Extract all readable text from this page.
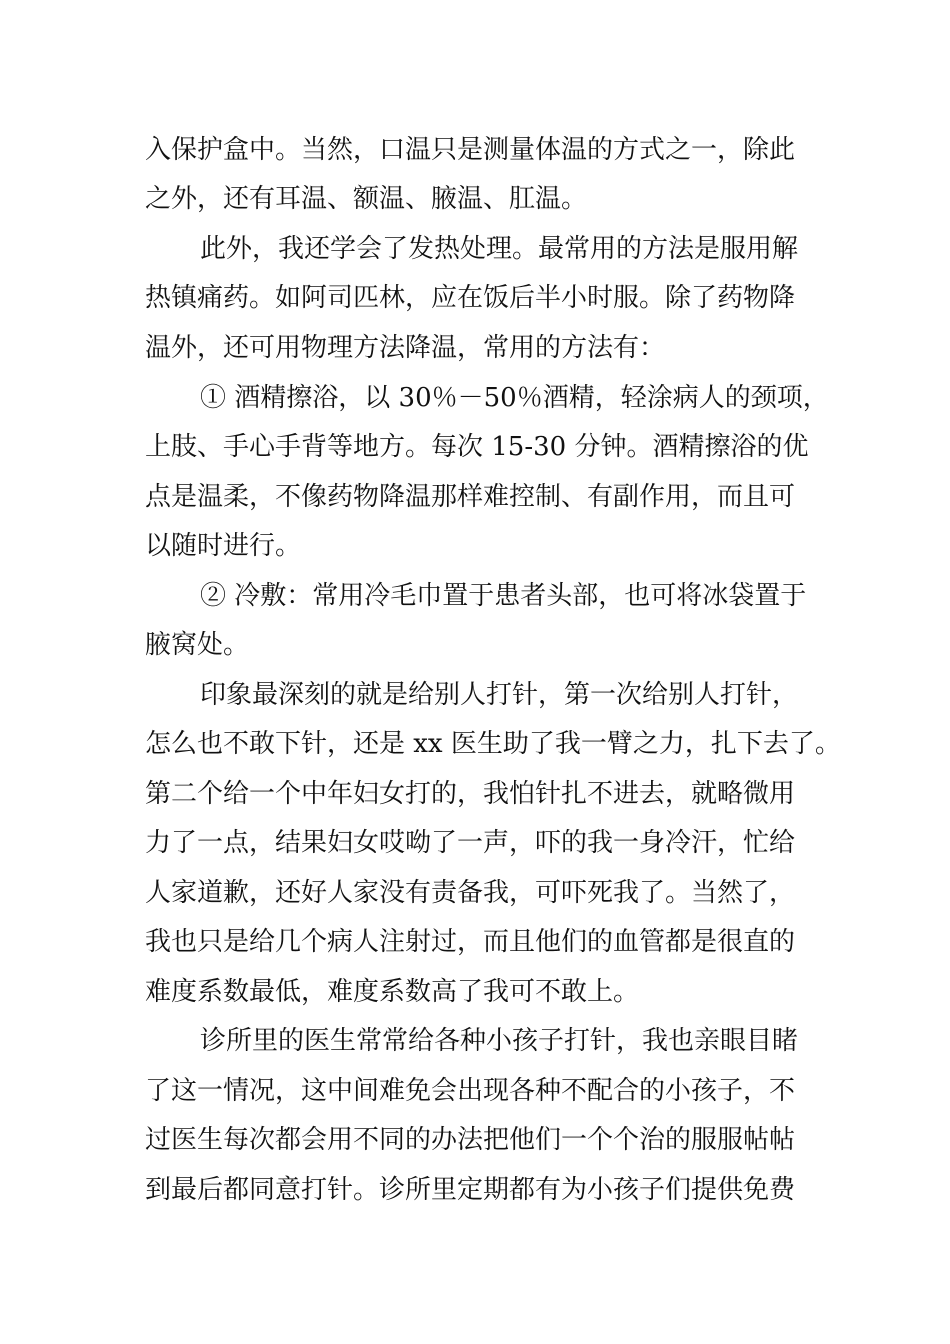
入保护盒中。当然，口温只是测量体温的方式之一，除此

之外，还有耳温、额温、腋温、肛温。

此外，我还学会了发热处理。最常用的方法是服用解

热镇痛药。如阿司匹林，应在饭后半小时服。除了药物降

温外，还可用物理方法降温，常用的方法有：

① 酒精擦浴，以 30％－50％酒精，轻涂病人的颈项，

上肢、手心手背等地方。每次 15-30 分钟。酒精擦浴的优

点是温柔，不像药物降温那样难控制、有副作用，而且可

以随时进行。

② 冷敷：常用冷毛巾置于患者头部，也可将冰袋置于

腋窝处。

印象最深刻的就是给别人打针，第一次给别人打针，

怎么也不敢下针，还是 xx 医生助了我一臂之力，扎下去了。

第二个给一个中年妇女打的，我怕针扎不进去，就略微用

力了一点，结果妇女哎呦了一声，吓的我一身冷汗，忙给

人家道歉，还好人家没有责备我，可吓死我了。当然了，

我也只是给几个病人注射过，而且他们的血管都是很直的

难度系数最低，难度系数高了我可不敢上。

诊所里的医生常常给各种小孩子打针，我也亲眼目睹

了这一情况，这中间难免会出现各种不配合的小孩子，不

过医生每次都会用不同的办法把他们一个个治的服服帖帖

到最后都同意打针。诊所里定期都有为小孩子们提供免费
